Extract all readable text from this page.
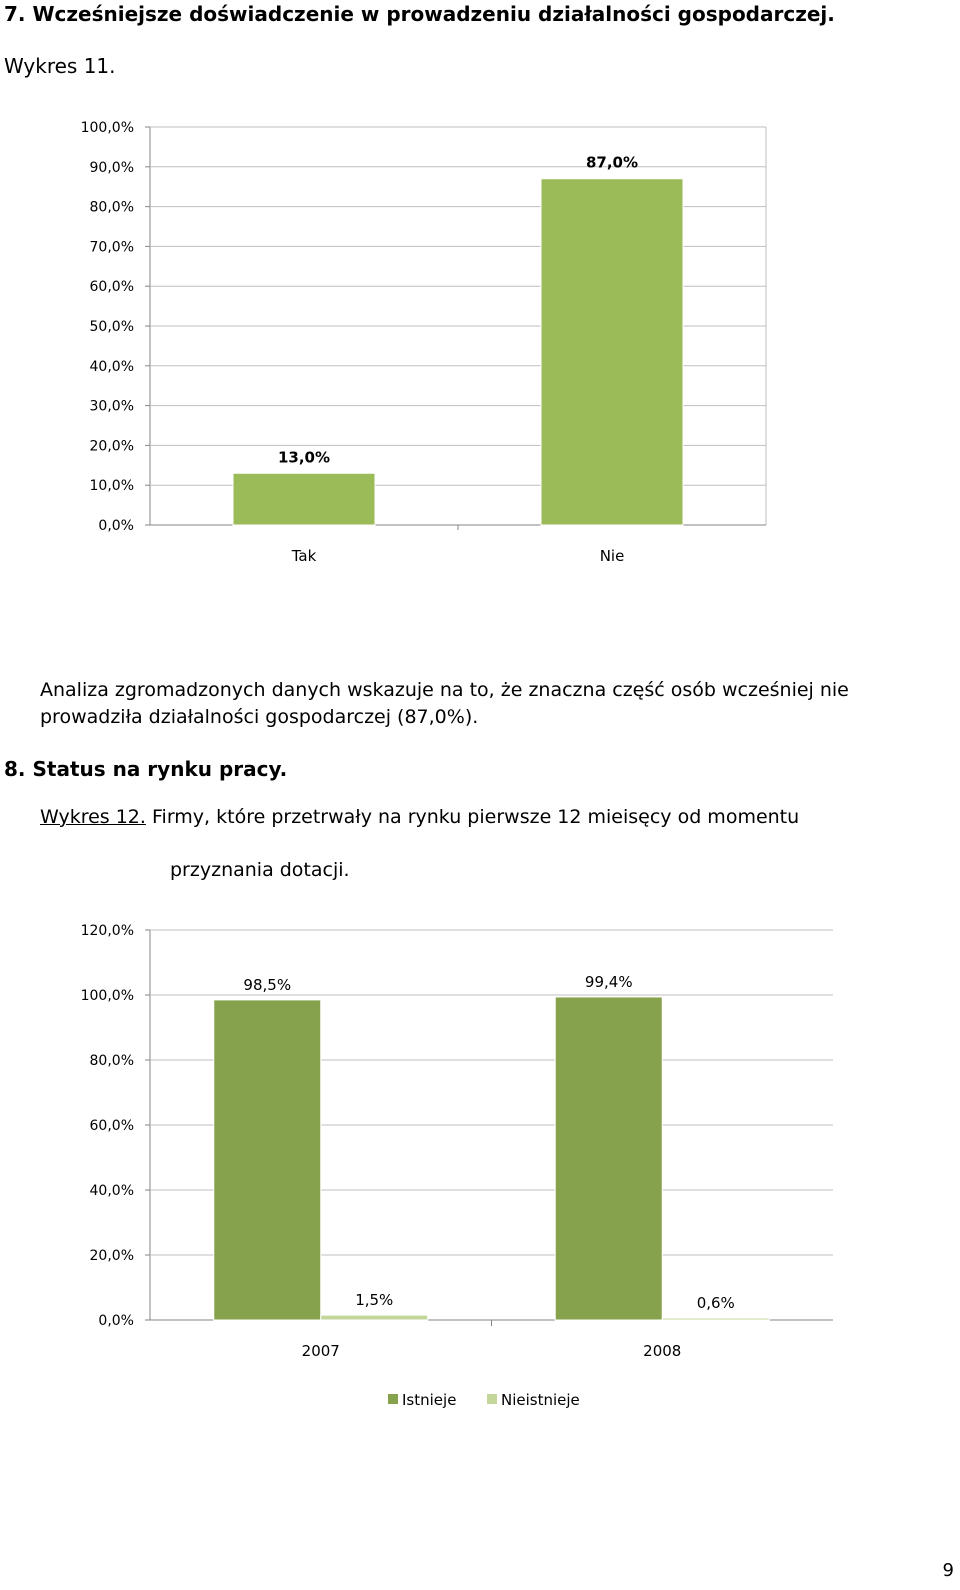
7. Wcześniejsze doświadczenie w prowadzeniu działalności gospodarczej.
Wykres 11.
0,0%
10,0%
20,0%
30,0%
40,0%
50,0%
60,0%
70,0%
80,0%
90,0%
100,0%
13,0%
Tak
87,0%
Nie
Analiza zgromadzonych danych wskazuje na to, że znaczna część osób wcześniej nie prowadziła działalności gospodarczej (87,0%).
8. Status na rynku pracy.
Wykres 12. Firmy, które przetrwały na rynku pierwsze 12 mieisęcy od momentu
przyznania dotacji.
0,0%
20,0%
40,0%
60,0%
80,0%
100,0%
120,0%
98,5%
1,5%
2007
99,4%
0,6%
2008
Istnieje	Nieistnieje
9
